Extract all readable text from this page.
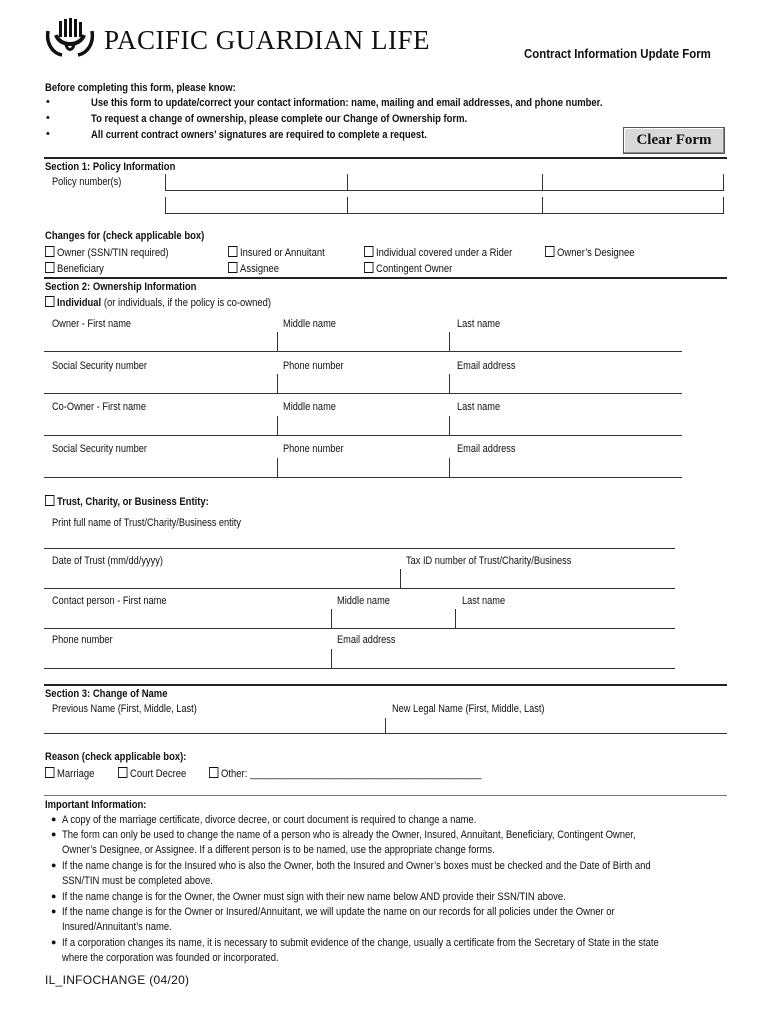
PACIFIC GUARDIAN LIFE	Contract Information Update Form
Before completing this form, please know:
•	Use this form to update/correct your contact information: name, mailing and email addresses, and phone number.
•	To request a change of ownership, please complete our Change of Ownership form.
•	All current contract owners’ signatures are required to complete a request.	Clear Form
Section 1: Policy Information
Policy number(s)
Changes for (check applicable box)
Owner (SSN/TIN required)	Insured or Annuitant	Individual covered under a Rider	Owner’s Designee
Beneficiary	Assignee	Contingent Owner
Section 2: Ownership Information
Individual (or individuals, if the policy is co-owned)
Owner - First name	Middle name	Last name
Social Security number	Phone number	Email address
Co-Owner - First name	Middle name	Last name
Social Security number	Phone number	Email address
Trust, Charity, or Business Entity:
Print full name of Trust/Charity/Business entity
Date of Trust (mm/dd/yyyy)	Tax ID number of Trust/Charity/Business
Contact person - First name	Middle name	Last name
Phone number	Email address
Section 3: Change of Name
Previous Name (First, Middle, Last)	New Legal Name (First, Middle, Last)
Reason (check applicable box):
Marriage	Court Decree	Other: ____________________________________________
Important Information:
● A copy of the marriage certificate, divorce decree, or court document is required to change a name.
● The form can only be used to change the name of a person who is already the Owner, Insured, Annuitant, Beneficiary, Contingent Owner,
Owner’s Designee, or Assignee. If a different person is to be named, use the appropriate change forms.
● If the name change is for the Insured who is also the Owner, both the Insured and Owner’s boxes must be checked and the Date of Birth and
SSN/TIN must be completed above.
● If the name change is for the Owner, the Owner must sign with their new name below AND provide their SSN/TIN above.
● If the name change is for the Owner or Insured/Annuitant, we will update the name on our records for all policies under the Owner or
Insured/Annuitant’s name.
● If a corporation changes its name, it is necessary to submit evidence of the change, usually a certificate from the Secretary of State in the state
where the corporation was founded or incorporated.
IL_INFOCHANGE (04/20)
